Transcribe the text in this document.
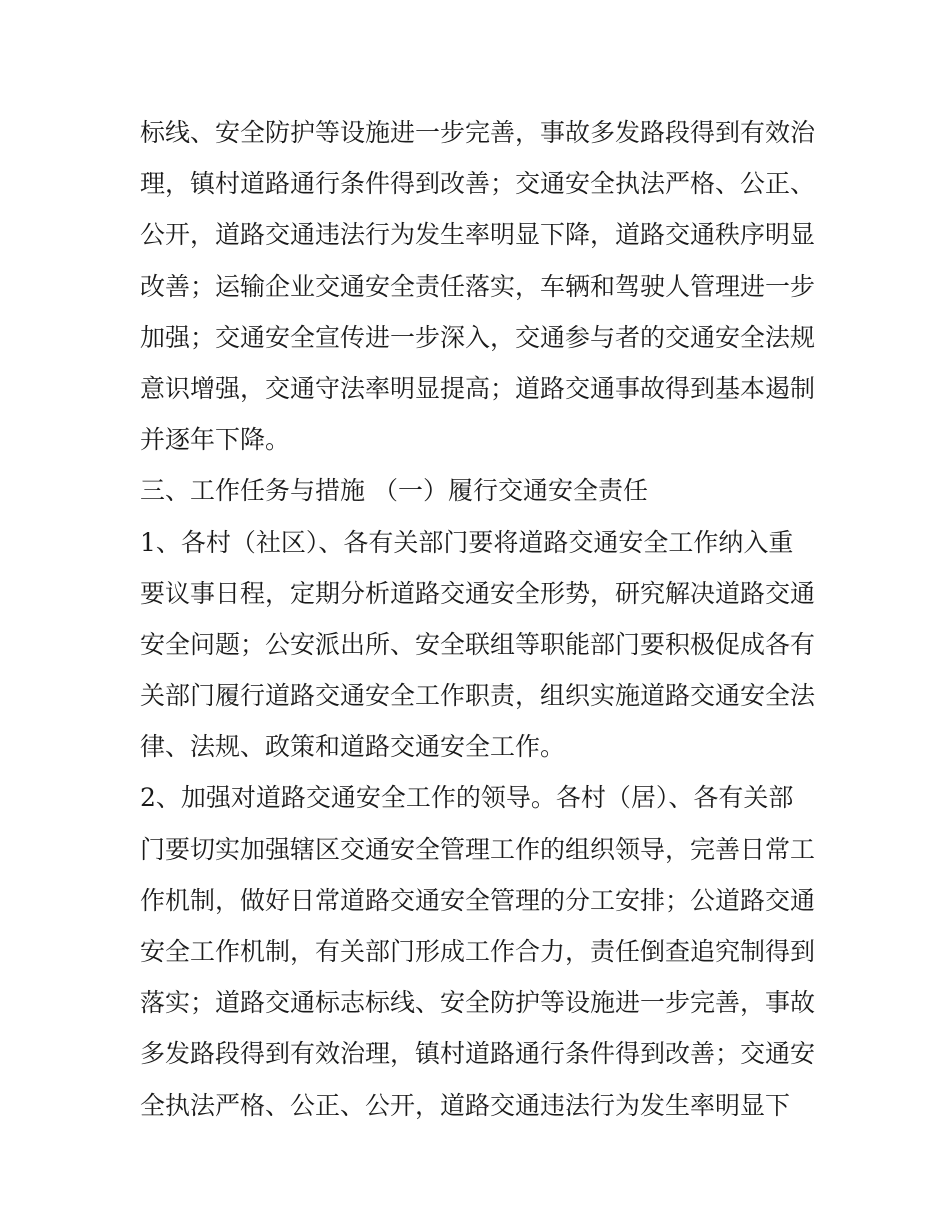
标线、安全防护等设施进一步完善，事故多发路段得到有效治
理，镇村道路通行条件得到改善；交通安全执法严格、公正、
公开，道路交通违法行为发生率明显下降，道路交通秩序明显
改善；运输企业交通安全责任落实，车辆和驾驶人管理进一步
加强；交通安全宣传进一步深入，交通参与者的交通安全法规
意识增强，交通守法率明显提高；道路交通事故得到基本遏制
并逐年下降。
三、工作任务与措施 （一）履行交通安全责任
1、各村（社区）、各有关部门要将道路交通安全工作纳入重
要议事日程，定期分析道路交通安全形势，研究解决道路交通
安全问题；公安派出所、安全联组等职能部门要积极促成各有
关部门履行道路交通安全工作职责，组织实施道路交通安全法
律、法规、政策和道路交通安全工作。
2、加强对道路交通安全工作的领导。各村（居）、各有关部
门要切实加强辖区交通安全管理工作的组织领导，完善日常工
作机制，做好日常道路交通安全管理的分工安排；公道路交通
安全工作机制，有关部门形成工作合力，责任倒查追究制得到
落实；道路交通标志标线、安全防护等设施进一步完善，事故
多发路段得到有效治理，镇村道路通行条件得到改善；交通安
全执法严格、公正、公开，道路交通违法行为发生率明显下
